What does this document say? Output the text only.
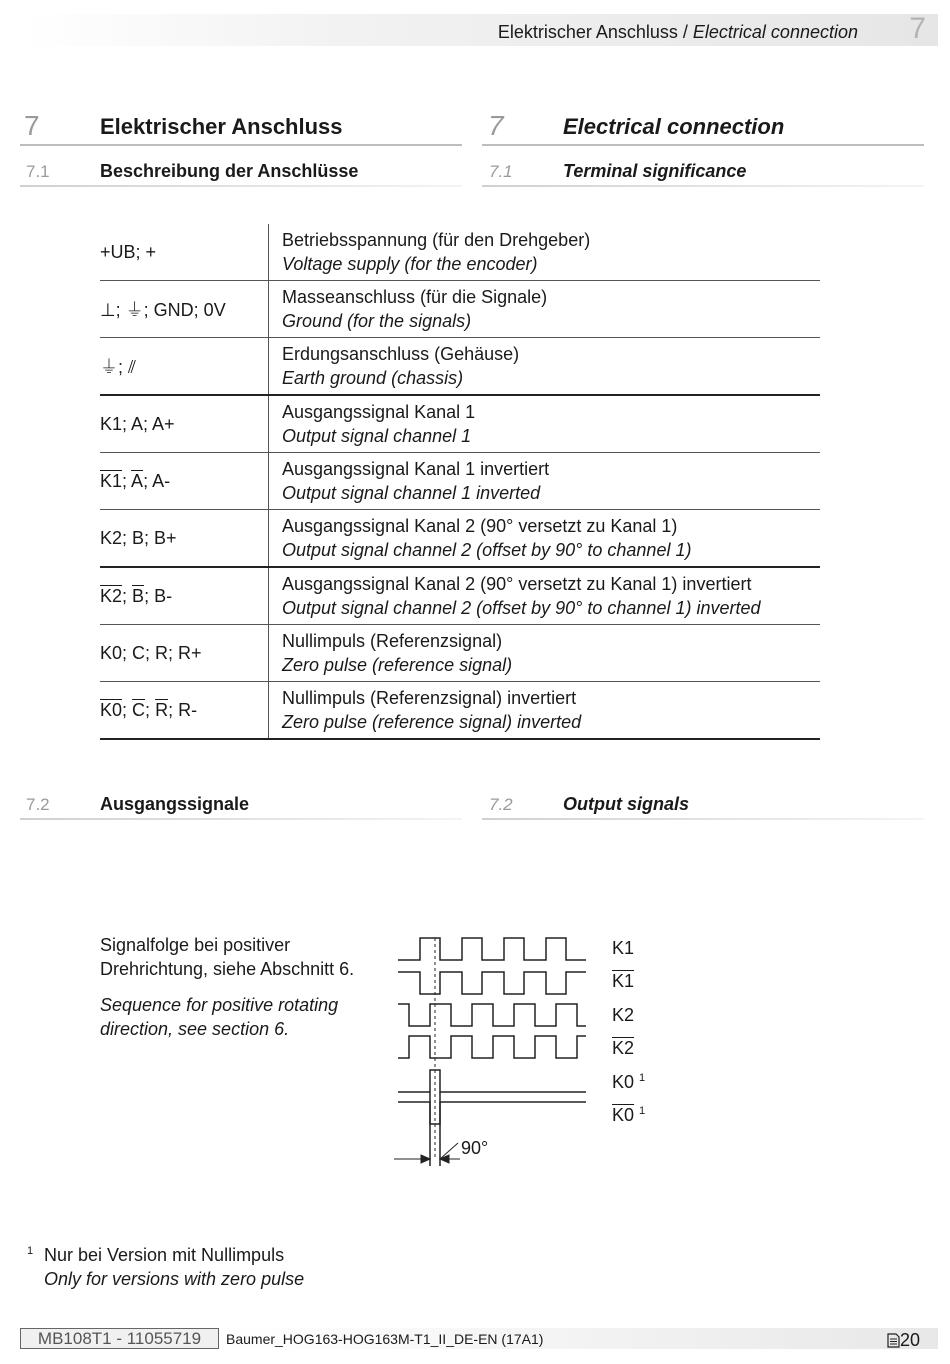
Elektrischer Anschluss / Electrical connection 7
7	Elektrischer Anschluss	7	Electrical connection
7.1	Beschreibung der Anschlüsse	7.1	Terminal significance
+UB; +	Betriebsspannung (für den Drehgeber)
Voltage supply (for the encoder)

⊥; ⏚; GND; 0V	Masseanschluss (für die Signale)
Ground (for the signals)

⏚; ⫽	Erdungsanschluss (Gehäuse)
Earth ground (chassis)

K1; A; A+	Ausgangssignal Kanal 1
Output signal channel 1

K1; $\overline{A}$; A-	Ausgangssignal Kanal 1 invertiert
Output signal channel 1 inverted

K2; B; B+	Ausgangssignal Kanal 2 (90° versetzt zu Kanal 1)
Output signal channel 2 (offset by 90° to channel 1)

K2; $\overline{B}$; B-	Ausgangssignal Kanal 2 (90° versetzt zu Kanal 1) invertiert
Output signal channel 2 (offset by 90° to channel 1) inverted

K0; C; R; R+	Nullimpuls (Referenzsignal)
Zero pulse (reference signal)

K0; $\overline{C}$; $\overline{R}$; R-	Nullimpuls (Referenzsignal) invertiert
Zero pulse (reference signal) inverted
7.2	Ausgangssignale	7.2	Output signals
Signalfolge bei positiver
Drehrichtung, siehe Abschnitt 6.
Sequence for positive rotating
direction, see section 6.
90°
K1
K1
K2
K2
K0 $^1$
K0 $^1$
1 Nur bei Version mit Nullimpuls
Only for versions with zero pulse
MB108T1 - 11055719	Baumer_HOG163-HOG163M-T1_II_DE-EN (17A1)	20
